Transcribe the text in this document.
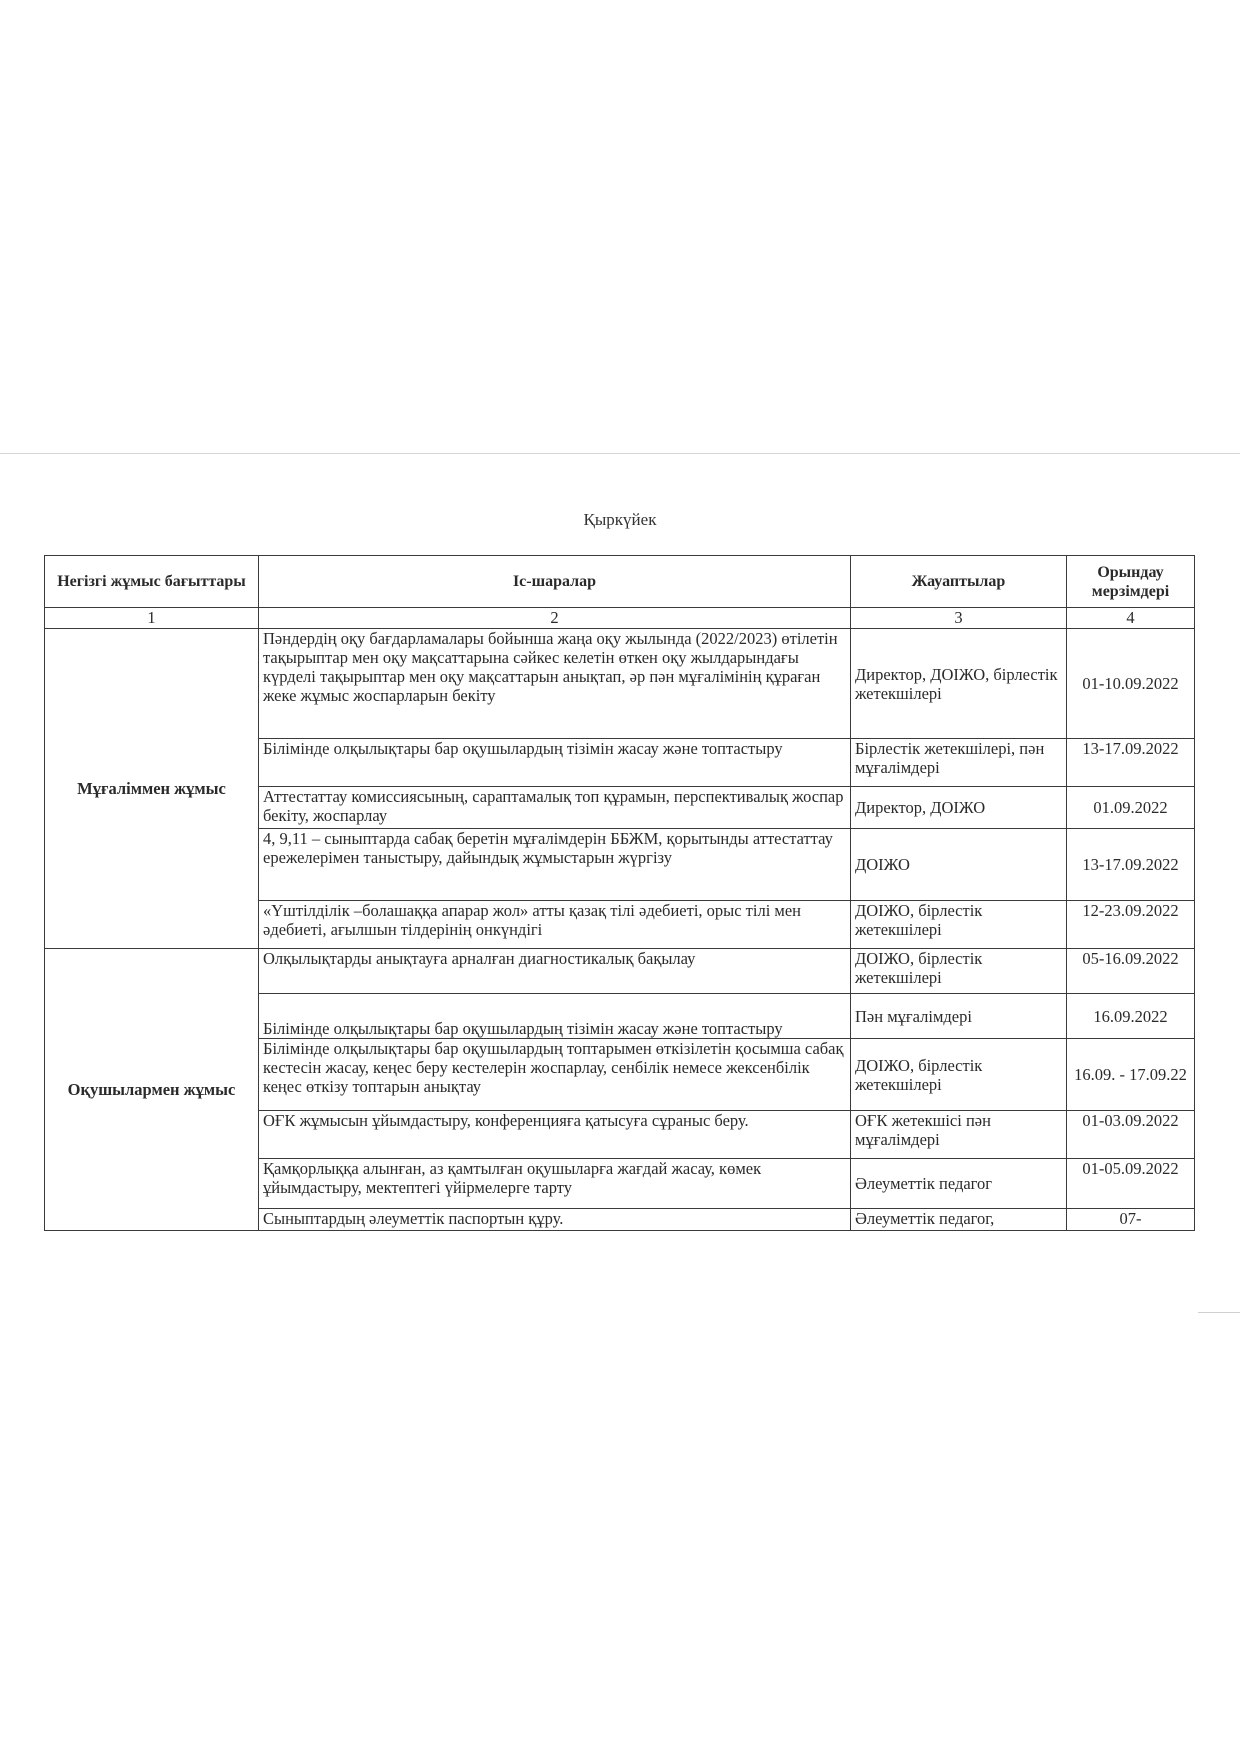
Қыркүйек
Негізгі жұмыс бағыттары	Іс-шаралар	Жауаптылар	Орындау мерзімдері
1	2	3	4
Мұғаліммен жұмыс	Пәндердің оқу бағдарламалары бойынша жаңа оқу жылында (2022/2023) өтілетін тақырыптар мен оқу мақсаттарына сәйкес келетін өткен оқу жылдарындағы күрделі тақырыптар мен оқу мақсаттарын анықтап, әр пән мұғалімінің құраған жеке жұмыс жоспарларын бекіту	Директор, ДОІЖО, бірлестік жетекшілері	01-10.09.2022
	Білімінде олқылықтары бар оқушылардың тізімін жасау және топтастыру	Бірлестік жетекшілері, пән мұғалімдері	13-17.09.2022
	Аттестаттау комиссиясының, сараптамалық топ құрамын, перспективалық жоспар бекіту, жоспарлау	Директор, ДОІЖО	01.09.2022
	4, 9,11 – сыныптарда сабақ беретін мұғалімдерін ББЖМ, қорытынды аттестаттау ережелерімен таныстыру, дайындық жұмыстарын жүргізу	ДОІЖО	13-17.09.2022
	«Үштілділік –болашаққа апарар жол» атты қазақ тілі әдебиеті, орыс тілі мен әдебиеті, ағылшын тілдерінің онкүндігі	ДОІЖО, бірлестік жетекшілері	12-23.09.2022
Оқушылармен жұмыс	Олқылықтарды анықтауға арналған диагностикалық бақылау	ДОІЖО, бірлестік жетекшілері	05-16.09.2022
	Білімінде олқылықтары бар оқушылардың тізімін жасау және топтастыру	Пән мұғалімдері	16.09.2022
	Білімінде олқылықтары бар оқушылардың топтарымен өткізілетін қосымша сабақ кестесін жасау, кеңес беру кестелерін жоспарлау, сенбілік немесе жексенбілік кеңес өткізу топтарын анықтау	ДОІЖО, бірлестік жетекшілері	16.09. - 17.09.22
	ОҒК жұмысын ұйымдастыру, конференцияға қатысуға сұраныс беру.	ОҒК жетекшісі пән мұғалімдері	01-03.09.2022
	Қамқорлыққа алынған, аз қамтылған оқушыларға жағдай жасау, көмек ұйымдастыру, мектептегі үйірмелерге тарту	Әлеуметтік педагог	01-05.09.2022
	Сыныптардың әлеуметтік паспортын құру.	Әлеуметтік педагог,	07-
